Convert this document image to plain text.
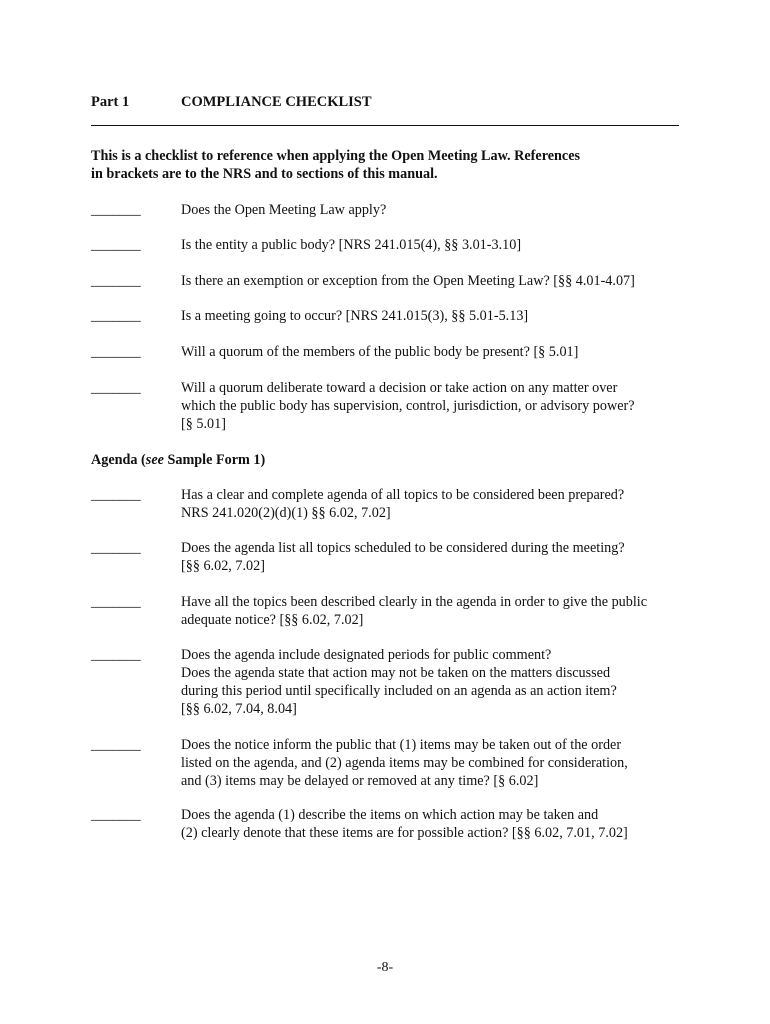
Part 1	COMPLIANCE CHECKLIST
This is a checklist to reference when applying the Open Meeting Law. References
in brackets are to the NRS and to sections of this manual.
_______	Does the Open Meeting Law apply?
_______	Is the entity a public body? [NRS 241.015(4), §§ 3.01-3.10]
_______	Is there an exemption or exception from the Open Meeting Law? [§§ 4.01-4.07]
_______	Is a meeting going to occur? [NRS 241.015(3), §§ 5.01-5.13]
_______	Will a quorum of the members of the public body be present? [§ 5.01]
_______	Will a quorum deliberate toward a decision or take action on any matter over
which the public body has supervision, control, jurisdiction, or advisory power?
[§ 5.01]
Agenda (see Sample Form 1)
_______	Has a clear and complete agenda of all topics to be considered been prepared?
NRS 241.020(2)(d)(1) §§ 6.02, 7.02]
_______	Does the agenda list all topics scheduled to be considered during the meeting?
[§§ 6.02, 7.02]
_______	Have all the topics been described clearly in the agenda in order to give the public
adequate notice? [§§ 6.02, 7.02]
_______	Does the agenda include designated periods for public comment?
Does the agenda state that action may not be taken on the matters discussed
during this period until specifically included on an agenda as an action item?
[§§ 6.02, 7.04, 8.04]
_______	Does the notice inform the public that (1) items may be taken out of the order
listed on the agenda, and (2) agenda items may be combined for consideration,
and (3) items may be delayed or removed at any time? [§ 6.02]
_______	Does the agenda (1) describe the items on which action may be taken and
(2) clearly denote that these items are for possible action? [§§ 6.02, 7.01, 7.02]
-8-
